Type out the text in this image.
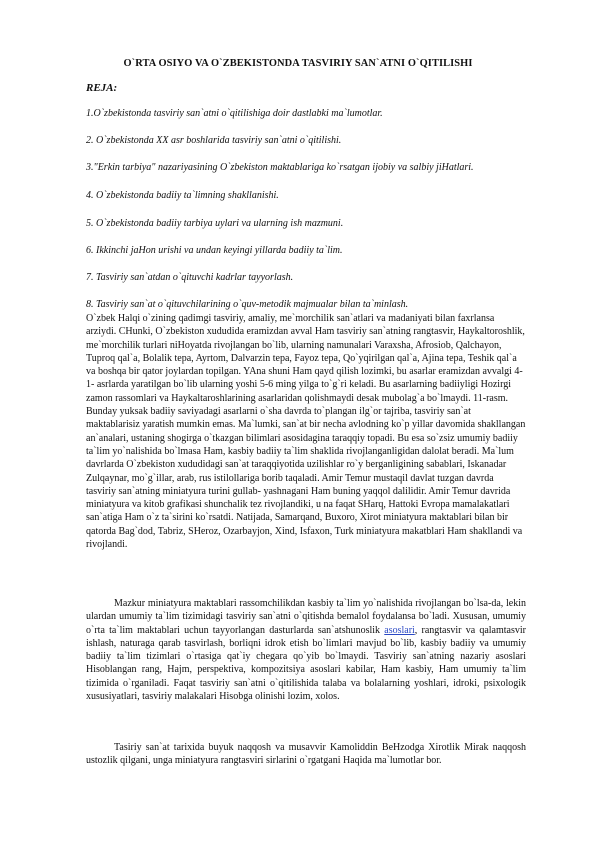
O`RTA OSIYO VA O`ZBEKISTONDA TASVIRIY SAN`ATNI O`QITILISHI
REJA:
1.O`zbekistonda tasviriy san`atni o`qitilishiga doir dastlabki ma`lumotlar.
2. O`zbekistonda XX asr boshlarida tasviriy san`atni o`qitilishi.
3."Erkin tarbiya" nazariyasining O`zbekiston maktablariga ko`rsatgan ijobiy va salbiy jiHatlari.
4. O`zbekistonda badiiy ta`limning shakllanishi.
5. O`zbekistonda badiiy tarbiya uylari va ularning ish mazmuni.
6. Ikkinchi jaHon urishi va undan keyingi yillarda badiiy ta`lim.
7. Tasviriy san`atdan o`qituvchi kadrlar tayyorlash.
8. Tasviriy san`at o`qituvchilarining o`quv-metodik majmualar bilan ta`minlash.
O`zbek Halqi o`zining qadimgi tasviriy, amaliy, me`morchilik san`atlari va madaniyati bilan faxrlansa arziydi. CHunki, O`zbekiston xududida eramizdan avval Ham tasviriy san`atning rangtasvir, Haykaltoroshlik, me`morchilik turlari niHoyatda rivojlangan bo`lib, ularning namunalari Varaxsha, Afrosiob, Qalchayon, Tuproq qal`a, Bolalik tepa, Ayrtom, Dalvarzin tepa, Fayoz tepa, Qo`yqirilgan qal`a, Ajina tepa, Teshik qal`a va boshqa bir qator joylardan topilgan. YAna shuni Ham qayd qilish lozimki, bu asarlar eramizdan avvalgi 4-1- asrlarda yaratilgan bo`lib ularning yoshi 5-6 ming yilga to`g`ri keladi. Bu asarlarning badiiyligi Hozirgi zamon rassomlari va Haykaltaroshlarining asarlaridan qolishmaydi desak mubolag`a bo`lmaydi. 11-rasm. Bunday yuksak badiiy saviyadagi asarlarni o`sha davrda to`plangan ilg`or tajriba, tasviriy san`at maktablarisiz yaratish mumkin emas. Ma`lumki, san`at bir necha avlodning ko`p yillar davomida shakllangan an`analari, ustaning shogirga o`tkazgan bilimlari asosidagina taraqqiy topadi. Bu esa so`zsiz umumiy badiiy ta`lim yo`nalishida bo`lmasa Ham, kasbiy badiiy ta`lim shaklida rivojlanganligidan dalolat beradi. Ma`lum davrlarda O`zbekiston xududidagi san`at taraqqiyotida uzilishlar ro`y berganligining sabablari, Iskanadar Zulqaynar, mo`g`illar, arab, rus istilollariga borib taqaladi. Amir Temur mustaqil davlat tuzgan davrda tasviriy san`atning miniatyura turini gullab- yashnagani Ham buning yaqqol dalilidir. Amir Temur davrida miniatyura va kitob grafikasi shunchalik tez rivojlandiki, u na faqat SHarq, Hattoki Evropa mamalakatlari san`atiga Ham o`z ta`sirini ko`rsatdi. Natijada, Samarqand, Buxoro, Xirot miniatyura maktablari bilan bir qatorda Bag`dod, Tabriz, SHeroz, Ozarbayjon, Xind, Isfaxon, Turk miniatyura makatblari Ham shakllandi va rivojlandi.
Mazkur miniatyura maktablari rassomchilikdan kasbiy ta`lim yo`nalishida rivojlangan bo`lsa-da, lekin ulardan umumiy ta`lim tizimidagi tasviriy san`atni o`qitishda bemalol foydalansa bo`ladi. Xususan, umumiy o`rta ta`lim maktablari uchun tayyorlangan dasturlarda san`atshunoslik asoslari, rangtasvir va qalamtasvir ishlash, naturaga qarab tasvirlash, borliqni idrok etish bo`limlari mavjud bo`lib, kasbiy badiiy va umumiy badiiy ta`lim tizimlari o`rtasiga qat`iy chegara qo`yib bo`lmaydi. Tasviriy san`atning nazariy asoslari Hisoblangan rang, Hajm, perspektiva, kompozitsiya asoslari kabilar, Ham kasbiy, Ham umumiy ta`lim tizimida o`rganiladi. Faqat tasviriy san`atni o`qitilishida talaba va bolalarning yoshlari, idroki, psixologik xususiyatlari, tasviriy malakalari Hisobga olinishi lozim, xolos.
Tasiriy san`at tarixida buyuk naqqosh va musavvir Kamoliddin BeHzodga Xirotlik Mirak naqqosh ustozlik qilgani, unga miniatyura rangtasviri sirlarini o`rgatgani Haqida ma`lumotlar bor.
